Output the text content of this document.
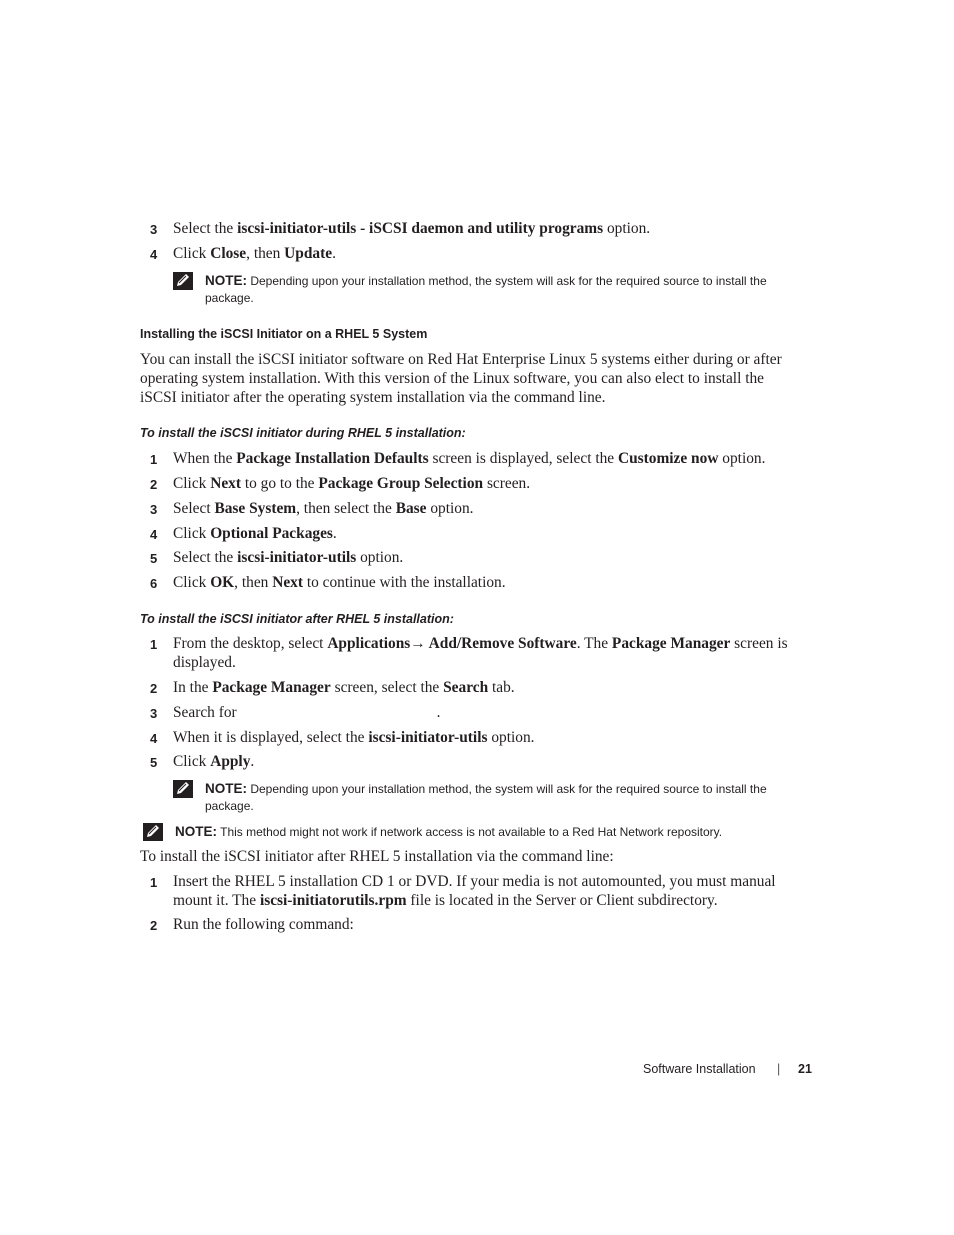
3 Select the iscsi-initiator-utils - iSCSI daemon and utility programs option.
4 Click Close, then Update.
NOTE: Depending upon your installation method, the system will ask for the required source to install the
package.
Installing the iSCSI Initiator on a RHEL 5 System
You can install the iSCSI initiator software on Red Hat Enterprise Linux 5 systems either during or after
operating system installation. With this version of the Linux software, you can also elect to install the
iSCSI initiator after the operating system installation via the command line.
To install the iSCSI initiator during RHEL 5 installation:
1 When the Package Installation Defaults screen is displayed, select the Customize now option.
2 Click Next to go to the Package Group Selection screen.
3 Select Base System, then select the Base option.
4 Click Optional Packages.
5 Select the iscsi-initiator-utils option.
6 Click OK, then Next to continue with the installation.
To install the iSCSI initiator after RHEL 5 installation:
1 From the desktop, select Applications→ Add/Remove Software. The Package Manager screen is
displayed.
2 In the Package Manager screen, select the Search tab.
3 Search for	.
4 When it is displayed, select the iscsi-initiator-utils option.
5 Click Apply.
NOTE: Depending upon your installation method, the system will ask for the required source to install the
package.
NOTE: This method might not work if network access is not available to a Red Hat Network repository.
To install the iSCSI initiator after RHEL 5 installation via the command line:
1 Insert the RHEL 5 installation CD 1 or DVD. If your media is not automounted, you must manual
mount it. The iscsi-initiatorutils.rpm file is located in the Server or Client subdirectory.
2 Run the following command:
Software Installation | 21
